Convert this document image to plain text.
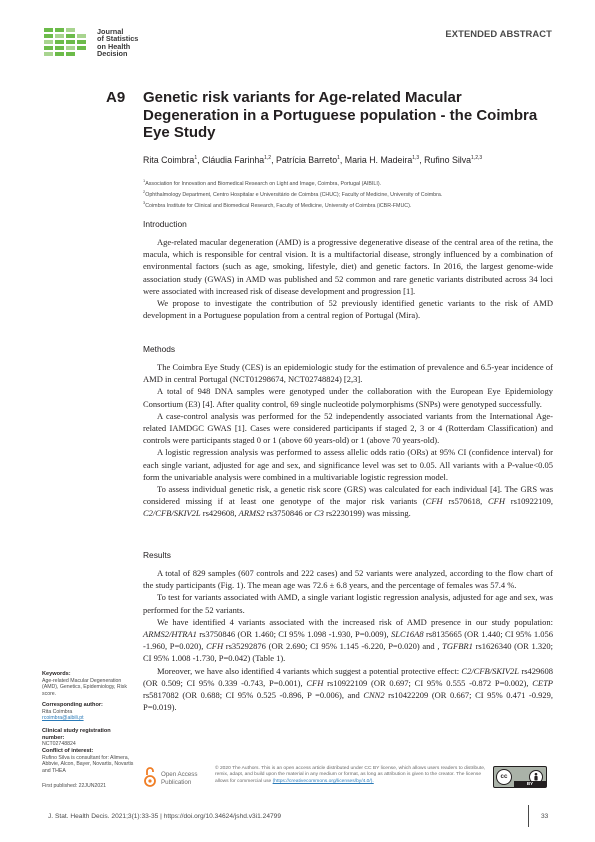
Journal
of Statistics
on Health
Decision
EXTENDED ABSTRACT
A9 Genetic risk variants for Age-related Macular Degeneration in a Portuguese population - the Coimbra Eye Study
Rita Coimbra$^1$, Cláudia Farinha$^{1,2}$, Patrícia Barreto$^1$, Maria H. Madeira$^{1,3}$, Rufino Silva$^{1,2,3}$
$^1$Association for Innovation and Biomedical Research on Light and Image, Coimbra, Portugal (AIBILI).
$^2$Ophthalmology Department, Centro Hospitalar e Universitário de Coimbra (CHUC); Faculty of Medicine, University of Coimbra.
$^3$Coimbra Institute for Clinical and Biomedical Research, Faculty of Medicine, University of Coimbra (iCBR-FMUC).
Introduction

Age-related macular degeneration (AMD) is a progressive degenerative disease of the central area of the retina, the macula, which is responsible for central vision. It is a multifactorial disease, strongly influenced by a combination of environmental factors (such as age, smoking, lifestyle, diet) and genetic factors. In 2016, the largest genome-wide association study (GWAS) in AMD was published and 52 common and rare genetic variants distributed across 34 loci were associated with increased risk of disease development and progression [1].

We propose to investigate the contribution of 52 previously identified genetic variants to the risk of AMD development in a Portuguese population from a central region of Portugal (Mira).

Methods

The Coimbra Eye Study (CES) is an epidemiologic study for the estimation of prevalence and 6.5-year incidence of AMD in central Portugal (NCT01298674, NCT02748824) [2,3].

A total of 948 DNA samples were genotyped under the collaboration with the European Eye Epidemiology Consortium (E3) [4]. After quality control, 69 single nucleotide polymorphisms (SNPs) were genotyped successfully.

A case-control analysis was performed for the 52 independently associated variants from the International Age-related IAMDGC GWAS [1]. Cases were considered participants if staged 2, 3 or 4 (Rotterdam Classification) and controls were participants staged 0 or 1 (above 60 years-old) or 1 (above 70 years-old).

A logistic regression analysis was performed to assess allelic odds ratio (ORs) at 95% CI (confidence interval) for each single variant, adjusted for age and sex, and significance level was set to 0.05. All variants with a P-value<0.05 form the univariable analysis were combined in a multivariable logistic regression model.

To assess individual genetic risk, a genetic risk score (GRS) was calculated for each individual [4]. The GRS was considered missing if at least one genotype of the major risk variants (CFH rs570618, CFH rs10922109, C2/CFB/SKIV2L rs429608, ARMS2 rs3750846 or C3 rs2230199) was missing.

Results

A total of 829 samples (607 controls and 222 cases) and 52 variants were analyzed, according to the flow chart of the study participants (Fig. 1). The mean age was 72.6 ± 6.8 years, and the percentage of females was 57.4 %.

To test for variants associated with AMD, a single variant logistic regression analysis, adjusted for age and sex, was performed for the 52 variants.

We have identified 4 variants associated with the increased risk of AMD presence in our study population: ARMS2/HTRA1 rs3750846 (OR 1.460; CI 95% 1.098 -1.930, P=0.009), SLC16A8 rs8135665 (OR 1.440; CI 95% 1.056 -1.960, P=0.020), CFH rs35292876 (OR 2.690; CI 95% 1.145 -6.220, P=0.020) and , TGFBR1 rs1626340 (OR 1.320; CI 95% 1.008 -1.730, P=0.042) (Table 1).

Moreover, we have also identified 4 variants which suggest a potential protective effect: C2/CFB/SKIV2L rs429608 (OR 0.509; CI 95% 0.339 -0.743, P=0.001), CFH rs10922109 (OR 0.697; CI 95% 0.555 -0.872 P=0.002), CETP rs5817082 (OR 0.688; CI 95% 0.525 -0.896, P =0.006), and CNN2 rs10422209 (OR 0.667; CI 95% 0.471 -0.929, P=0.019).

Keywords:
Age-related Macular Degeneration (AMD), Genetics, Epidemiology, Risk score.
Corresponding author:
Rita Coimbra
rcoimbra@aibili.pt
Clinical study registration number:
NCT02748824
Conflict of interest:
Rufino Silva is consultant for: Alimera, Abbvie, Alcon, Bayer, Novartis, Novartis and THEA
First published: 22JUN2021
Open Access
Publication
© 2020 The Authors. This is an open access article distributed under CC BY license, which allows users readers to distribute, remix, adapt, and build upon the material in any medium or format, as long as attribution is given to the creator. The license allows for commercial use (https://creativecommons.org/licenses/by/4.0/).
cc
BY
J. Stat. Health Decis. 2021;3(1):33-35 | https://doi.org/10.34624/jshd.v3i1.24799	33
